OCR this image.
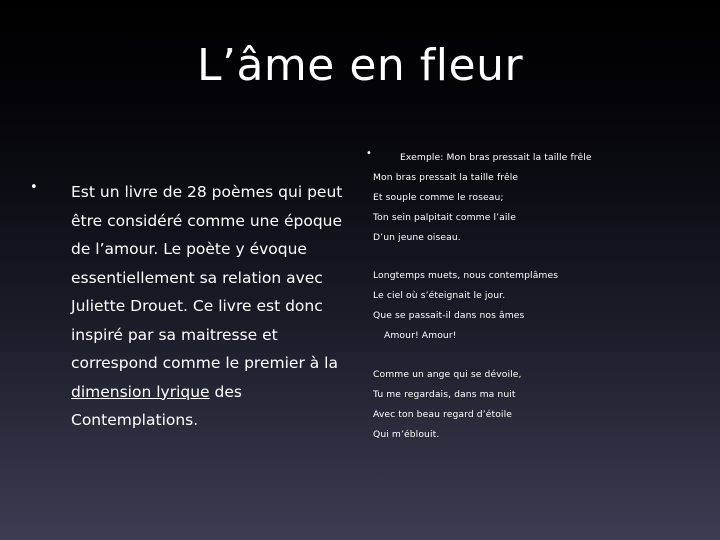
L’âme en fleur
• Est un livre de 28 poèmes qui peut être considéré comme une époque de l’amour. Le poète y évoque essentiellement sa relation avec Juliette Drouet. Ce livre est donc inspiré par sa maitresse et correspond comme le premier à la dimension lyrique des Contemplations.
•	Exemple: Mon bras pressait la taille frêle
Mon bras pressait la taille frêle
Et souple comme le roseau;
Ton sein palpitait comme l’aile
D’un jeune oiseau.
Longtemps muets, nous contemplâmes
Le ciel où s’éteignait le jour.
Que se passait-il dans nos âmes
Amour! Amour!
Comme un ange qui se dévoile,
Tu me regardais, dans ma nuit
Avec ton beau regard d’étoile
Qui m’éblouit.
